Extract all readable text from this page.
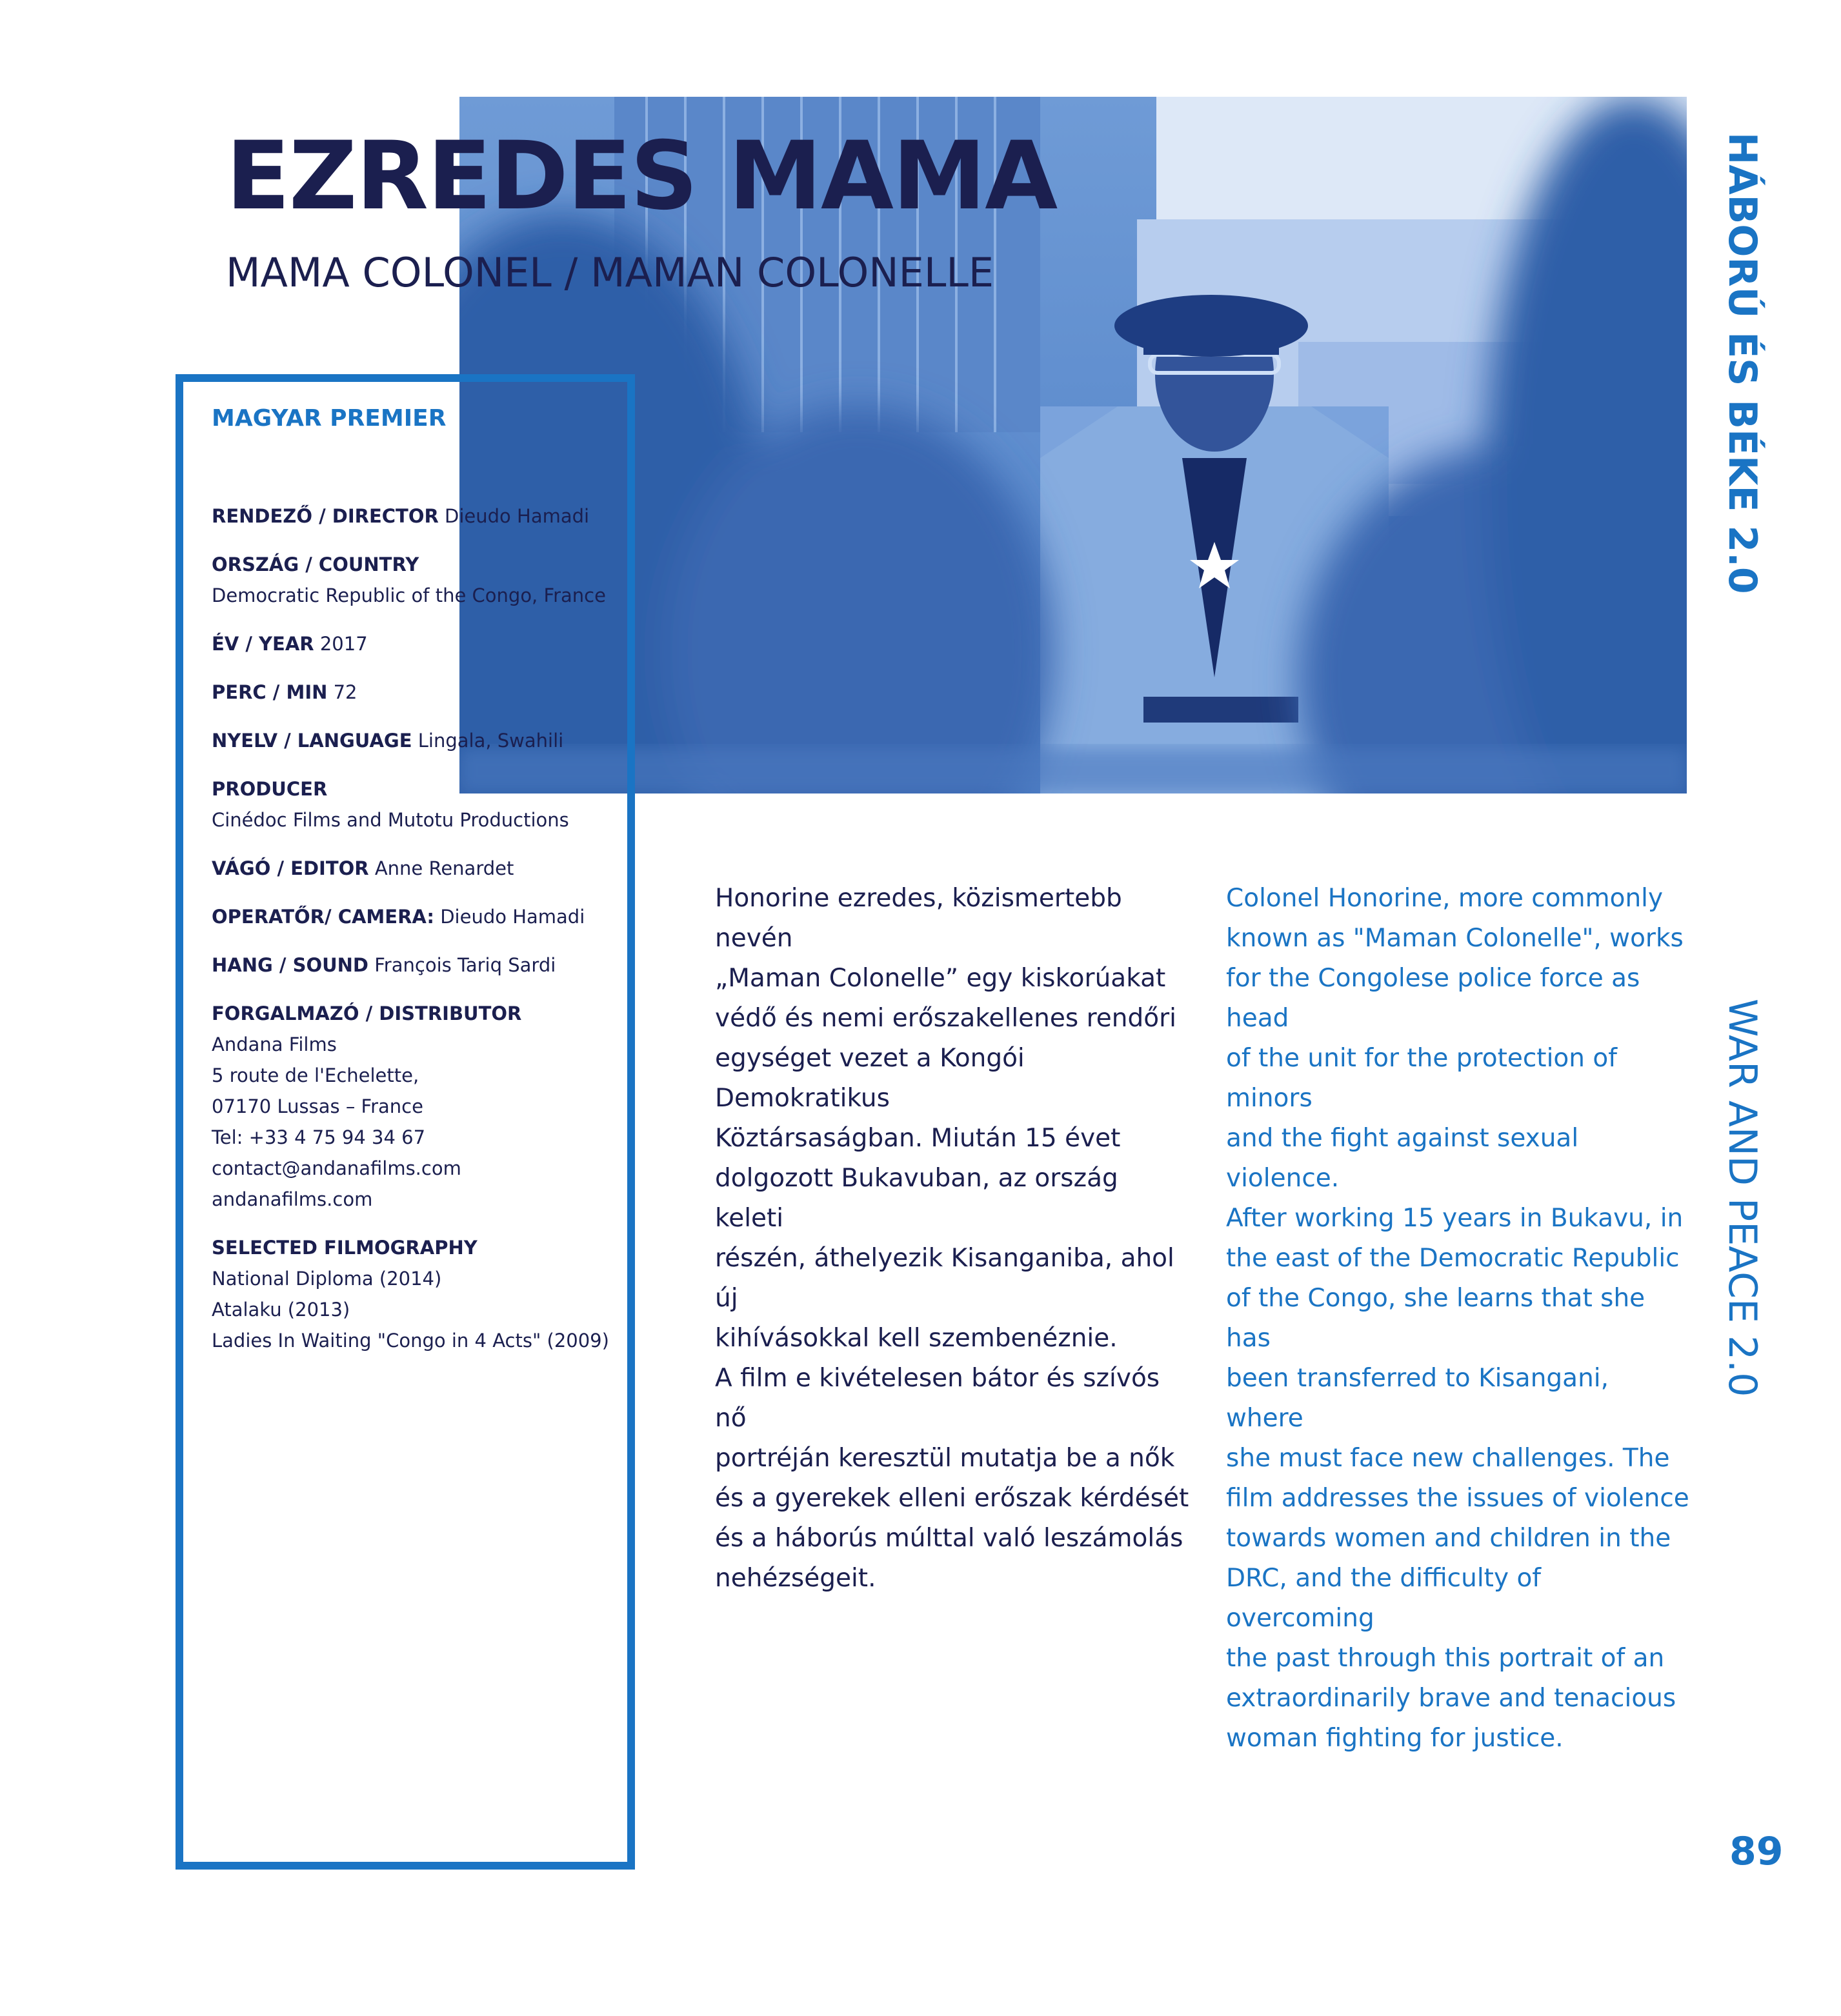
EZREDES MAMA
MAMA COLONEL / MAMAN COLONELLE	HÁBORÚ ÉS BÉKE 2.0
WAR AND PEACE 2.0
MAGYAR PREMIER

RENDEZŐ / DIRECTOR Dieudo Hamadi

ORSZÁG / COUNTRY
Democratic Republic of the Congo, France

ÉV / YEAR 2017

PERC / MIN 72

NYELV / LANGUAGE Lingala, Swahili

PRODUCER
Cinédoc Films and Mutotu Productions

VÁGÓ / EDITOR Anne Renardet

OPERATŐR/ CAMERA: Dieudo Hamadi

HANG / SOUND François Tariq Sardi

FORGALMAZÓ / DISTRIBUTOR
Andana Films
5 route de l'Echelette,
07170 Lussas – France
Tel: +33 4 75 94 34 67
contact@andanafilms.com
andanafilms.com

SELECTED FILMOGRAPHY
National Diploma (2014)
Atalaku (2013)
Ladies In Waiting "Congo in 4 Acts" (2009)

Honorine ezredes, közismertebb nevén
„Maman Colonelle” egy kiskorúakat
védő és nemi erőszakellenes rendőri
egységet vezet a Kongói Demokratikus
Köztársaságban. Miután 15 évet
dolgozott Bukavuban, az ország keleti
részén, áthelyezik Kisanganiba, ahol új
kihívásokkal kell szembenéznie.
A film e kivételesen bátor és szívós nő
portréján keresztül mutatja be a nők
és a gyerekek elleni erőszak kérdését
és a háborús múlttal való leszámolás
nehézségeit.

Colonel Honorine, more commonly
known as "Maman Colonelle", works
for the Congolese police force as head
of the unit for the protection of minors
and the fight against sexual violence.
After working 15 years in Bukavu, in
the east of the Democratic Republic
of the Congo, she learns that she has
been transferred to Kisangani, where
she must face new challenges. The
film addresses the issues of violence
towards women and children in the
DRC, and the difficulty of overcoming
the past through this portrait of an
extraordinarily brave and tenacious
woman fighting for justice.

89
